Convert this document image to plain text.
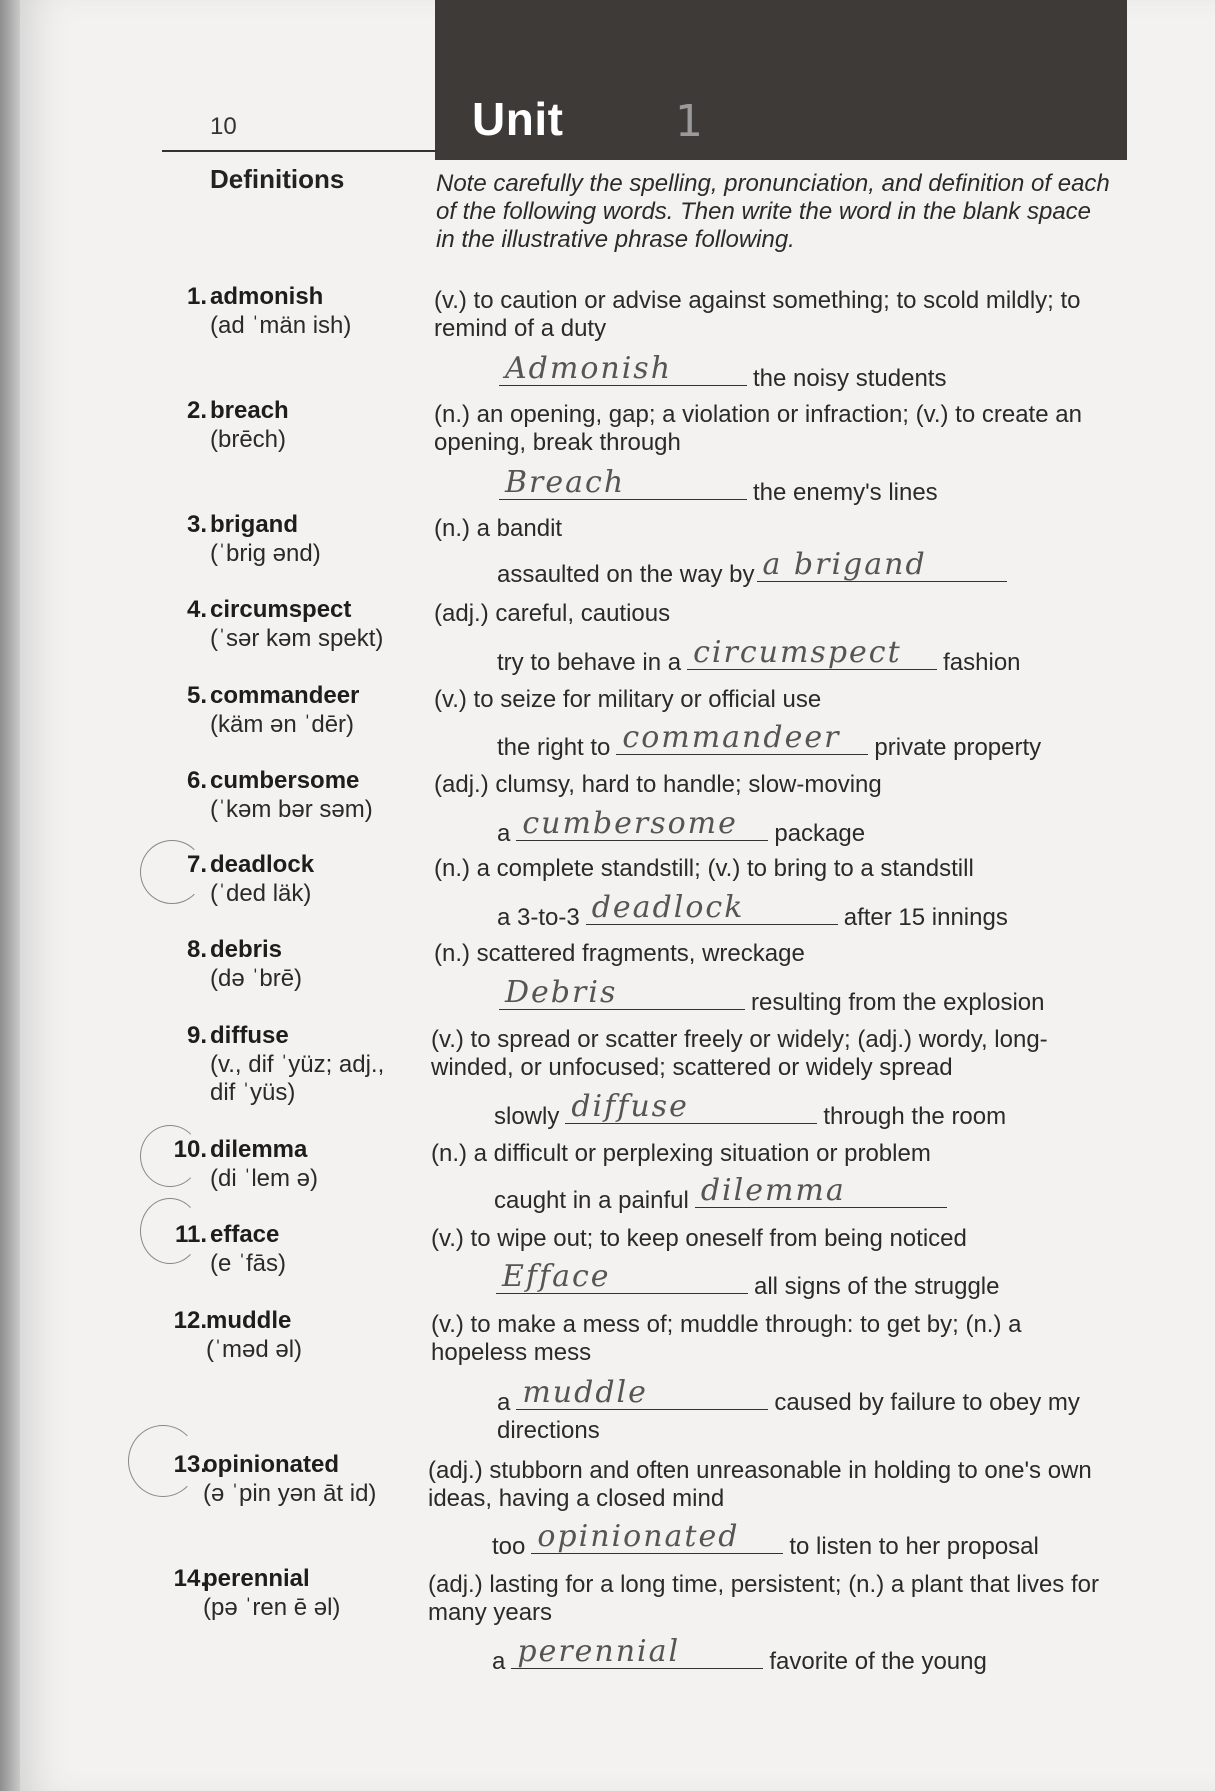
Unit	1
10
Definitions	Note carefully the spelling, pronunciation, and definition of each of the following words. Then write the word in the blank space in the illustrative phrase following.
1. admonish
(ad ˈmän ish)
(v.) to caution or advise against something; to scold mildly; to remind of a duty
Admonish	the noisy students
2. breach
(brēch)
(n.) an opening, gap; a violation or infraction; (v.) to create an opening, break through
Breach	the enemy's lines
3. brigand
(ˈbrig ənd)
(n.) a bandit
assaulted on the way by a brigand
4. circumspect
(ˈsər kəm spekt)
(adj.) careful, cautious
try to behave in a circumspect fashion
5. commandeer
(käm ən ˈdēr)
(v.) to seize for military or official use
the right to commandeer private property
6. cumbersome
(ˈkəm bər səm)
(adj.) clumsy, hard to handle; slow-moving
a cumbersome package
7. deadlock
(ˈded läk)
(n.) a complete standstill; (v.) to bring to a standstill
a 3-to-3 deadlock	after 15 innings
8. debris
(də ˈbrē)
(n.) scattered fragments, wreckage
Debris	resulting from the explosion
9. diffuse
(v., dif ˈyüz; adj., dif ˈyüs)
(v.) to spread or scatter freely or widely; (adj.) wordy, long-winded, or unfocused; scattered or widely spread
slowly diffuse	through the room
10. dilemma
(di ˈlem ə)
(n.) a difficult or perplexing situation or problem
caught in a painful dilemma
11. efface
(e ˈfās)
(v.) to wipe out; to keep oneself from being noticed
Efface	all signs of the struggle
12. muddle
(ˈməd əl)
(v.) to make a mess of; muddle through: to get by; (n.) a hopeless mess
a muddle	caused by failure to obey my directions
13.
opinionated
(ə ˈpin yən āt id)
(adj.) stubborn and often unreasonable in holding to one's own ideas, having a closed mind
too opinionated to listen to her proposal
14.
perennial
(pə ˈren ē əl)
(adj.) lasting for a long time, persistent; (n.) a plant that lives for many years
a perennial	favorite of the young
